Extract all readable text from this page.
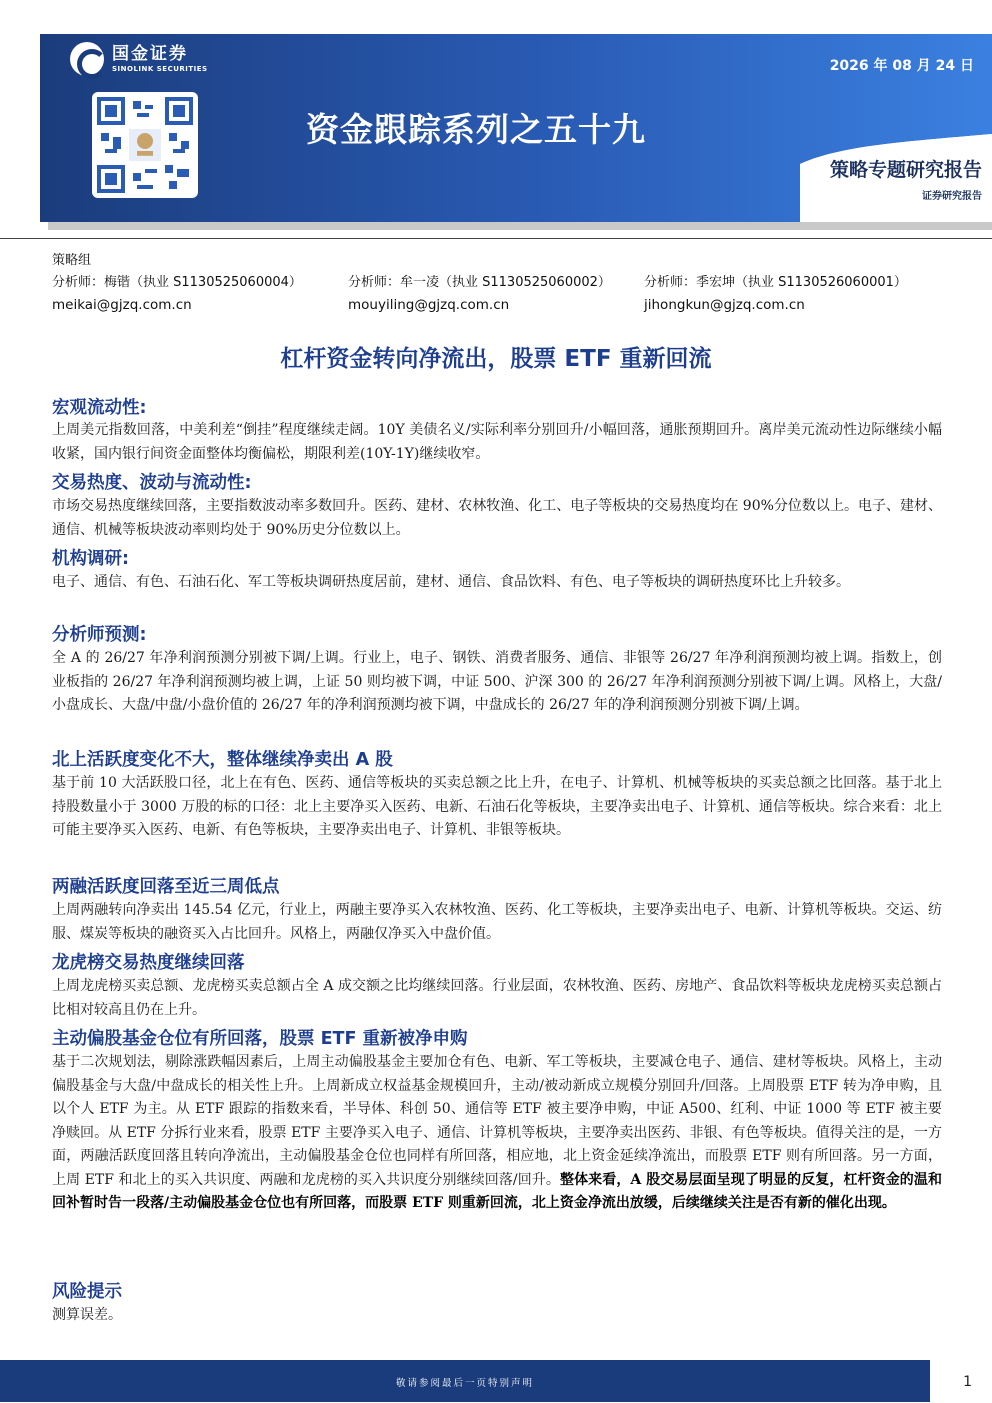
国金证券
SINOLINK SECURITIES	2026 年 08 月 24 日
资金跟踪系列之五十九
策略专题研究报告
证券研究报告
策略组
分析师：梅锴（执业 S1130525060004）
meikai@gjzq.com.cn
分析师：牟一凌（执业 S1130525060002）
mouyiling@gjzq.com.cn
分析师：季宏坤（执业 S1130526060001）
jihongkun@gjzq.com.cn
杠杆资金转向净流出，股票 ETF 重新回流
宏观流动性:
上周美元指数回落，中美利差“倒挂”程度继续走阔。10Y 美债名义/实际利率分别回升/小幅回落，通胀预期回升。离岸美元流动性边际继续小幅收紧，国内银行间资金面整体均衡偏松，期限利差(10Y-1Y)继续收窄。
交易热度、波动与流动性:
市场交易热度继续回落，主要指数波动率多数回升。医药、建材、农林牧渔、化工、电子等板块的交易热度均在 90%分位数以上。电子、建材、通信、机械等板块波动率则均处于 90%历史分位数以上。
机构调研:
电子、通信、有色、石油石化、军工等板块调研热度居前，建材、通信、食品饮料、有色、电子等板块的调研热度环比上升较多。
分析师预测:
全 A 的 26/27 年净利润预测分别被下调/上调。行业上，电子、钢铁、消费者服务、通信、非银等 26/27 年净利润预测均被上调。指数上，创业板指的 26/27 年净利润预测均被上调，上证 50 则均被下调，中证 500、沪深 300 的 26/27 年净利润预测分别被下调/上调。风格上，大盘/小盘成长、大盘/中盘/小盘价值的 26/27 年的净利润预测均被下调，中盘成长的 26/27 年的净利润预测分别被下调/上调。
北上活跃度变化不大，整体继续净卖出 A 股
基于前 10 大活跃股口径，北上在有色、医药、通信等板块的买卖总额之比上升，在电子、计算机、机械等板块的买卖总额之比回落。基于北上持股数量小于 3000 万股的标的口径：北上主要净买入医药、电新、石油石化等板块，主要净卖出电子、计算机、通信等板块。综合来看：北上可能主要净买入医药、电新、有色等板块，主要净卖出电子、计算机、非银等板块。
两融活跃度回落至近三周低点
上周两融转向净卖出 145.54 亿元，行业上，两融主要净买入农林牧渔、医药、化工等板块，主要净卖出电子、电新、计算机等板块。交运、纺服、煤炭等板块的融资买入占比回升。风格上，两融仅净买入中盘价值。
龙虎榜交易热度继续回落
上周龙虎榜买卖总额、龙虎榜买卖总额占全 A 成交额之比均继续回落。行业层面，农林牧渔、医药、房地产、食品饮料等板块龙虎榜买卖总额占比相对较高且仍在上升。
主动偏股基金仓位有所回落，股票 ETF 重新被净申购
基于二次规划法，剔除涨跌幅因素后，上周主动偏股基金主要加仓有色、电新、军工等板块，主要减仓电子、通信、建材等板块。风格上，主动偏股基金与大盘/中盘成长的相关性上升。上周新成立权益基金规模回升，主动/被动新成立规模分别回升/回落。上周股票 ETF 转为净申购，且以个人 ETF 为主。从 ETF 跟踪的指数来看，半导体、科创 50、通信等 ETF 被主要净申购，中证 A500、红利、中证 1000 等 ETF 被主要净赎回。从 ETF 分拆行业来看，股票 ETF 主要净买入电子、通信、计算机等板块，主要净卖出医药、非银、有色等板块。值得关注的是，一方面，两融活跃度回落且转向净流出，主动偏股基金仓位也同样有所回落，相应地，北上资金延续净流出，而股票 ETF 则有所回落。另一方面，上周 ETF 和北上的买入共识度、两融和龙虎榜的买入共识度分别继续回落/回升。整体来看，A 股交易层面呈现了明显的反复，杠杆资金的温和回补暂时告一段落/主动偏股基金仓位也有所回落，而股票 ETF 则重新回流，北上资金净流出放缓，后续继续关注是否有新的催化出现。
风险提示
测算误差。
敬请参阅最后一页特别声明	1
